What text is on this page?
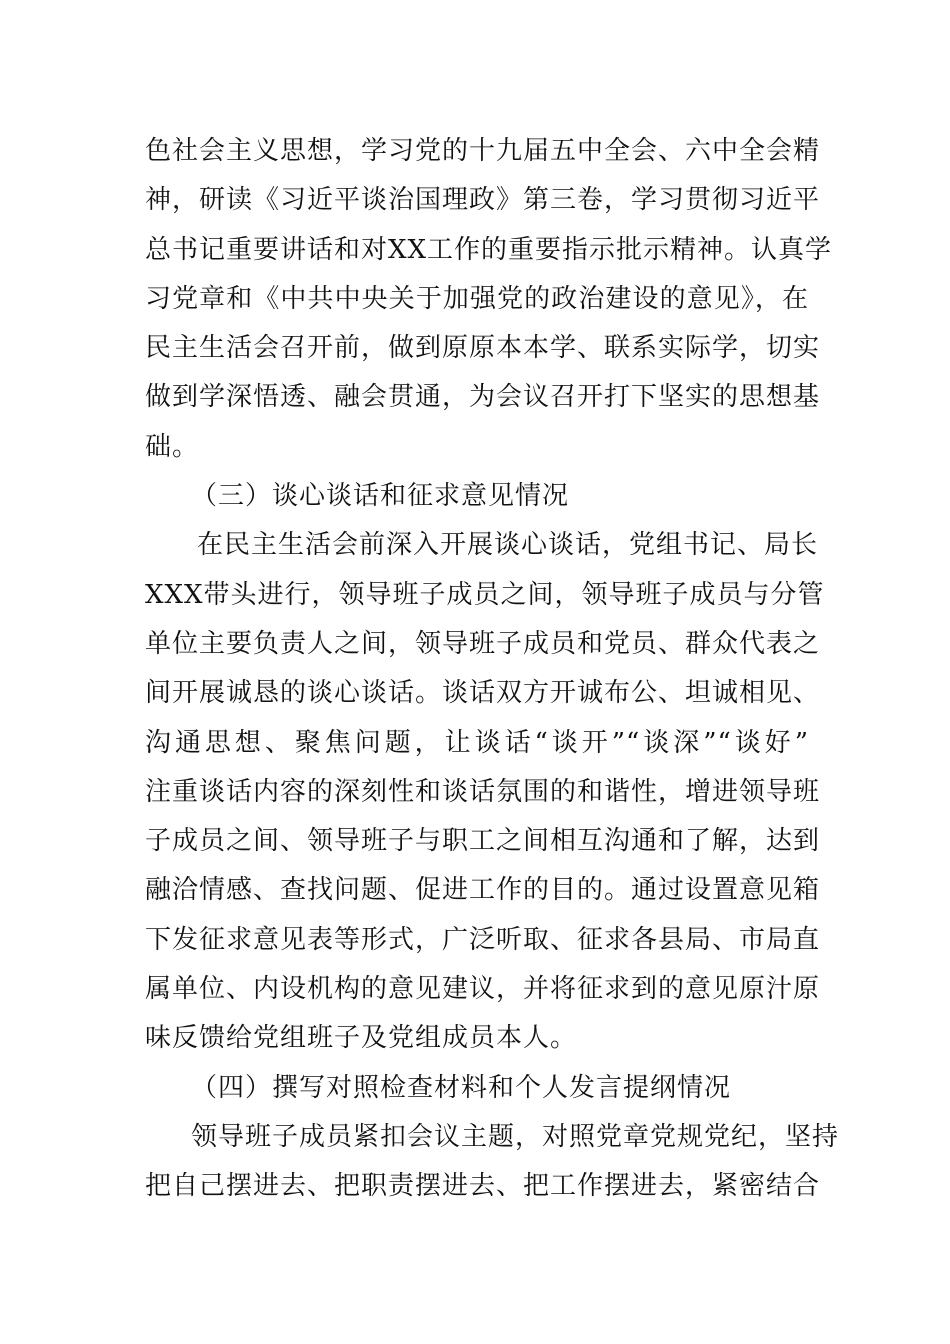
色社会主义思想，学习党的十九届五中全会、六中全会精
神，研读《习近平谈治国理政》第三卷，学习贯彻习近平
总书记重要讲话和对XX工作的重要指示批示精神。认真学
习党章和《中共中央关于加强党的政治建设的意见》，在
民主生活会召开前，做到原原本本学、联系实际学，切实
做到学深悟透、融会贯通，为会议召开打下坚实的思想基
础。
（三）谈心谈话和征求意见情况
在民主生活会前深入开展谈心谈话，党组书记、局长
XXX带头进行，领导班子成员之间，领导班子成员与分管
单位主要负责人之间，领导班子成员和党员、群众代表之
间开展诚恳的谈心谈话。谈话双方开诚布公、坦诚相见、
沟通思想、聚焦问题，让谈话“谈开”“谈深”“谈好”
注重谈话内容的深刻性和谈话氛围的和谐性，增进领导班
子成员之间、领导班子与职工之间相互沟通和了解，达到
融洽情感、查找问题、促进工作的目的。通过设置意见箱
下发征求意见表等形式，广泛听取、征求各县局、市局直
属单位、内设机构的意见建议，并将征求到的意见原汁原
味反馈给党组班子及党组成员本人。
（四）撰写对照检查材料和个人发言提纲情况
领导班子成员紧扣会议主题，对照党章党规党纪，坚持
把自己摆进去、把职责摆进去、把工作摆进去，紧密结合
